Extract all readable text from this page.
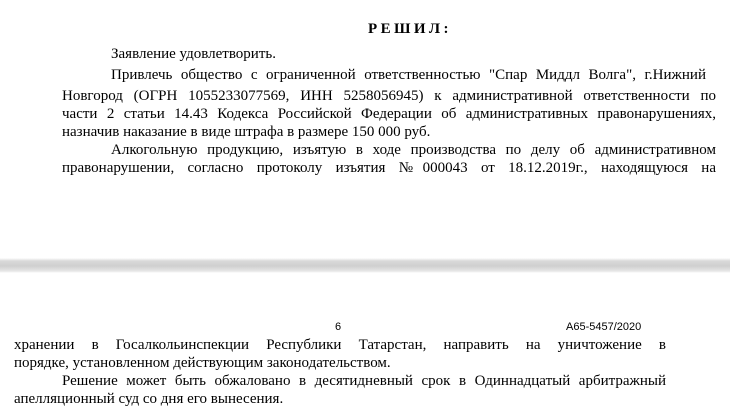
РЕШИЛ:
Заявление удовлетворить.
Привлечь общество с ограниченной ответственностью "Спар Миддл Волга", г.Нижний
Новгород (ОГРН 1055233077569, ИНН 5258056945) к административной ответственности по
части 2 статьи 14.43 Кодекса Российской Федерации об административных правонарушениях,
назначив наказание в виде штрафа в размере 150 000 руб.
Алкогольную продукцию, изъятую в ходе производства по делу об административном
правонарушении, согласно протоколу изъятия №000043 от 18.12.2019г., находящуюся на
6	А65-5457/2020
хранении в Госалкольинспекции Республики Татарстан, направить на уничтожение в
порядке, установленном действующим законодательством.
Решение может быть обжаловано в десятидневный срок в Одиннадцатый арбитражный
апелляционный суд со дня его вынесения.
